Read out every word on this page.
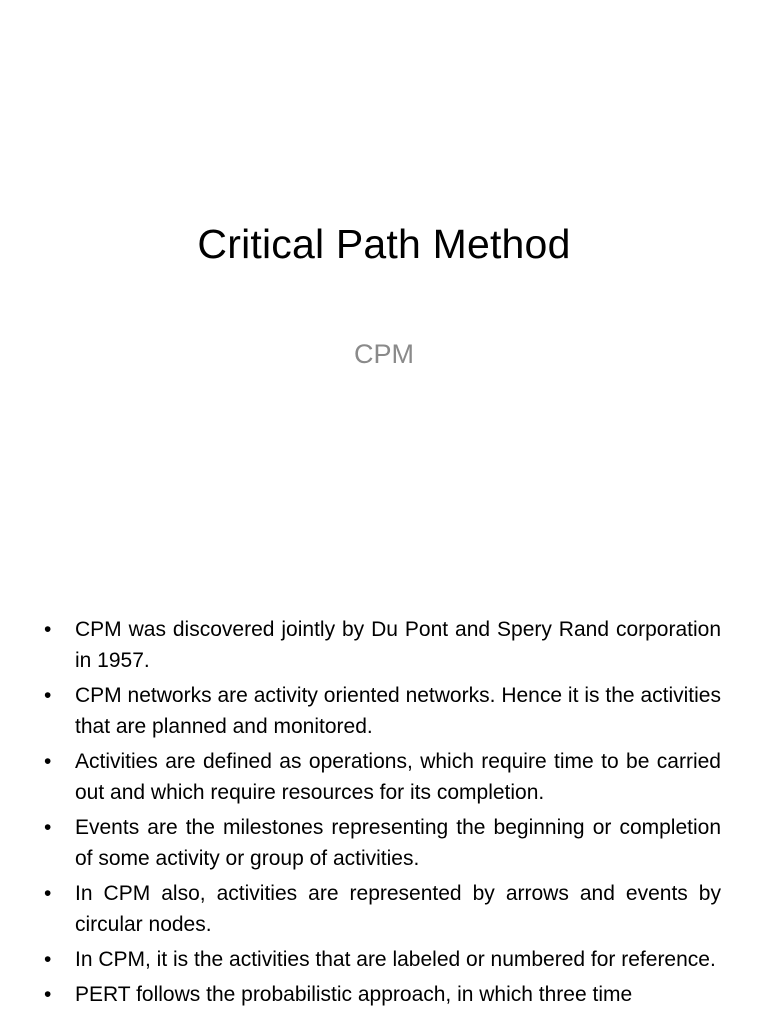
Critical Path Method
CPM
• CPM was discovered jointly by Du Pont and Spery Rand corporation in 1957.
• CPM networks are activity oriented networks. Hence it is the activities that are planned and monitored.
• Activities are defined as operations, which require time to be carried out and which require resources for its completion.
• Events are the milestones representing the beginning or completion of some activity or group of activities.
• In CPM also, activities are represented by arrows and events by circular nodes.
• In CPM, it is the activities that are labeled or numbered for reference.
• PERT follows the probabilistic approach, in which three time
